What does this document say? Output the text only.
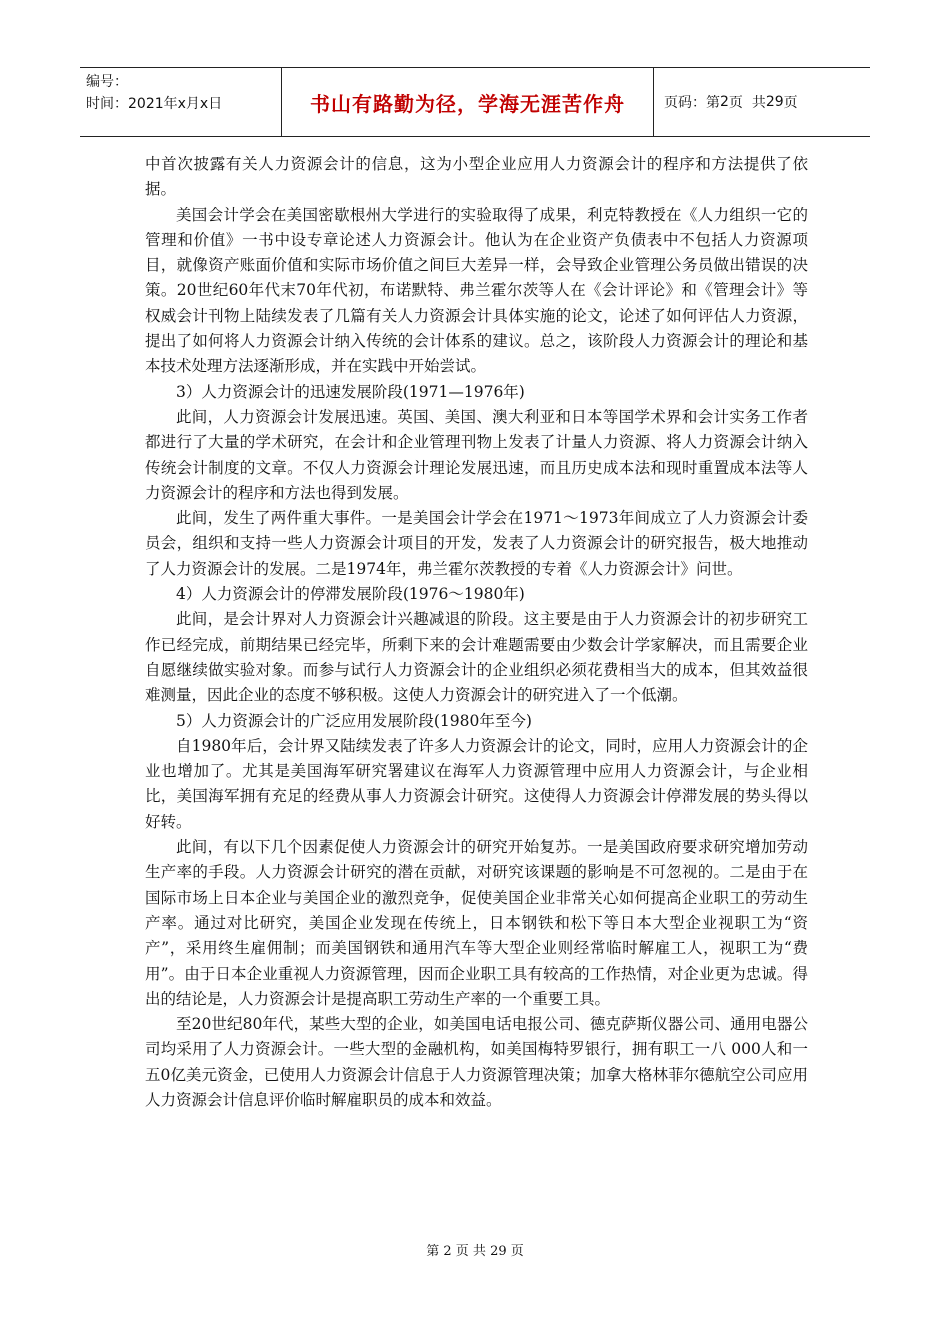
编号：
时间：2021年x月x日	书山有路勤为径，学海无涯苦作舟	页码：第 2 页  共 29 页

中首次披露有关人力资源会计的信息，这为小型企业应用人力资源会计的程序和方法提供了依据。

美国会计学会在美国密歇根州大学进行的实验取得了成果，利克特教授在《人力组织一它的管理和价值》一书中设专章论述人力资源会计。他认为在企业资产负债表中不包括人力资源项目，就像资产账面价值和实际市场价值之间巨大差异一样，会导致企业管理公务员做出错误的决策。20世纪60年代末70年代初，布诺默特、弗兰霍尔茨等人在《会计评论》和《管理会计》等权威会计刊物上陆续发表了几篇有关人力资源会计具体实施的论文，论述了如何评估人力资源，提出了如何将人力资源会计纳入传统的会计体系的建议。总之，该阶段人力资源会计的理论和基本技术处理方法逐渐形成，并在实践中开始尝试。

3）人力资源会计的迅速发展阶段(1971—1976年)

此间，人力资源会计发展迅速。英国、美国、澳大利亚和日本等国学术界和会计实务工作者都进行了大量的学术研究，在会计和企业管理刊物上发表了计量人力资源、将人力资源会计纳入传统会计制度的文章。不仅人力资源会计理论发展迅速，而且历史成本法和现时重置成本法等人力资源会计的程序和方法也得到发展。

此间，发生了两件重大事件。一是美国会计学会在1971～1973年间成立了人力资源会计委员会，组织和支持一些人力资源会计项目的开发，发表了人力资源会计的研究报告，极大地推动了人力资源会计的发展。二是1974年，弗兰霍尔茨教授的专着《人力资源会计》问世。

4）人力资源会计的停滞发展阶段(1976～1980年)

此间，是会计界对人力资源会计兴趣减退的阶段。这主要是由于人力资源会计的初步研究工作已经完成，前期结果已经完毕，所剩下来的会计难题需要由少数会计学家解决，而且需要企业自愿继续做实验对象。而参与试行人力资源会计的企业组织必须花费相当大的成本，但其效益很难测量，因此企业的态度不够积极。这使人力资源会计的研究进入了一个低潮。

5）人力资源会计的广泛应用发展阶段(1980年至今)

自1980年后，会计界又陆续发表了许多人力资源会计的论文，同时，应用人力资源会计的企业也增加了。尤其是美国海军研究署建议在海军人力资源管理中应用人力资源会计，与企业相比，美国海军拥有充足的经费从事人力资源会计研究。这使得人力资源会计停滞发展的势头得以好转。

此间，有以下几个因素促使人力资源会计的研究开始复苏。一是美国政府要求研究增加劳动生产率的手段。人力资源会计研究的潜在贡献，对研究该课题的影响是不可忽视的。二是由于在国际市场上日本企业与美国企业的激烈竞争，促使美国企业非常关心如何提高企业职工的劳动生产率。通过对比研究，美国企业发现在传统上，日本钢铁和松下等日本大型企业视职工为“资产”，采用终生雇佣制；而美国钢铁和通用汽车等大型企业则经常临时解雇工人，视职工为“费用”。由于日本企业重视人力资源管理，因而企业职工具有较高的工作热情，对企业更为忠诚。得出的结论是，人力资源会计是提高职工劳动生产率的一个重要工具。

至20世纪80年代，某些大型的企业，如美国电话电报公司、德克萨斯仪器公司、通用电器公司均采用了人力资源会计。一些大型的金融机构，如美国梅特罗银行，拥有职工一八 000人和一五0亿美元资金，已使用人力资源会计信息于人力资源管理决策；加拿大格林菲尔德航空公司应用人力资源会计信息评价临时解雇职员的成本和效益。

第 2 页 共 29 页
